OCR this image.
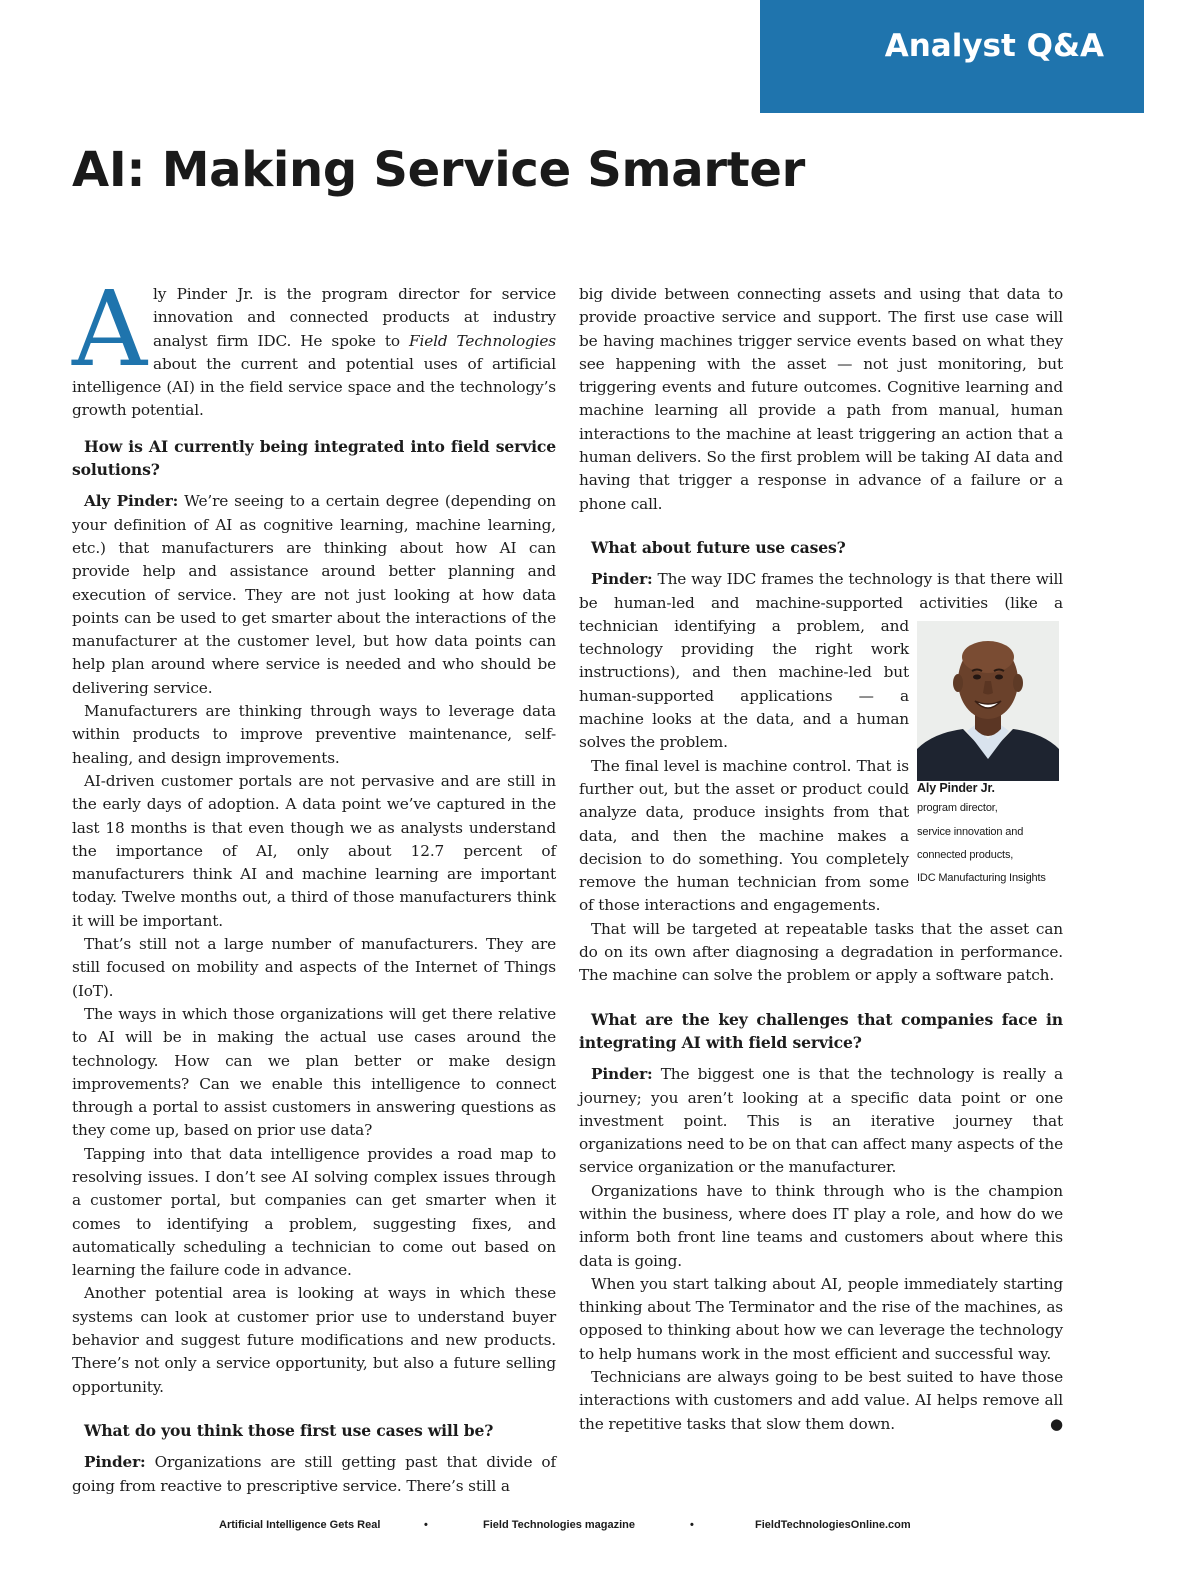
Analyst Q&A
AI: Making Service Smarter

Aly Pinder Jr. is the program director for service innovation and connected products at industry analyst firm IDC. He spoke to Field Technologies about the current and potential uses of artificial intelligence (AI) in the field service space and the technology’s growth potential.

How is AI currently being integrated into field service solutions?

Aly Pinder: We’re seeing to a certain degree (depending on your definition of AI as cognitive learning, machine learning, etc.) that manufacturers are thinking about how AI can provide help and assistance around better planning and execution of service. They are not just looking at how data points can be used to get smarter about the interactions of the manufacturer at the customer level, but how data points can help plan around where service is needed and who should be delivering service.

Manufacturers are thinking through ways to leverage data within products to improve preventive maintenance, self-healing, and design improvements.

AI-driven customer portals are not pervasive and are still in the early days of adoption. A data point we’ve captured in the last 18 months is that even though we as analysts understand the importance of AI, only about 12.7 percent of manufacturers think AI and machine learning are important today. Twelve months out, a third of those manufacturers think it will be important.

That’s still not a large number of manufacturers. They are still focused on mobility and aspects of the Internet of Things (IoT).

The ways in which those organizations will get there relative to AI will be in making the actual use cases around the technology. How can we plan better or make design improvements? Can we enable this intelligence to connect through a portal to assist customers in answering questions as they come up, based on prior use data?

Tapping into that data intelligence provides a road map to resolving issues. I don’t see AI solving complex issues through a customer portal, but companies can get smarter when it comes to identifying a problem, suggesting fixes, and automatically scheduling a technician to come out based on learning the failure code in advance.

Another potential area is looking at ways in which these systems can look at customer prior use to understand buyer behavior and suggest future modifications and new products. There’s not only a service opportunity, but also a future selling opportunity.

What do you think those first use cases will be?

Pinder: Organizations are still getting past that divide of going from reactive to prescriptive service. There’s still a

big divide between connecting assets and using that data to provide proactive service and support. The first use case will be having machines trigger service events based on what they see happening with the asset — not just monitoring, but triggering events and future outcomes. Cognitive learning and machine learning all provide a path from manual, human interactions to the machine at least triggering an action that a human delivers. So the first problem will be taking AI data and having that trigger a response in advance of a failure or a phone call.

What about future use cases?

Pinder: The way IDC frames the technology is that there will be human-led and machine-supported activities (like a
Aly Pinder Jr.
program director,
service innovation and
connected products,
IDC Manufacturing Insights
technician identifying a problem, and technology providing the right work instructions), and then machine-led but human-supported applications — a machine looks at the data, and a human solves the problem.

The final level is machine control. That is further out, but the asset or product could analyze data, produce insights from that data, and then the machine makes a decision to do something. You completely remove the human technician from some of those interactions and engagements.

That will be targeted at repeatable tasks that the asset can do on its own after diagnosing a degradation in performance. The machine can solve the problem or apply a software patch.

What are the key challenges that companies face in integrating AI with field service?

Pinder: The biggest one is that the technology is really a journey; you aren’t looking at a specific data point or one investment point. This is an iterative journey that organizations need to be on that can affect many aspects of the service organization or the manufacturer.

Organizations have to think through who is the champion within the business, where does IT play a role, and how do we inform both front line teams and customers about where this data is going.

When you start talking about AI, people immediately starting thinking about The Terminator and the rise of the machines, as opposed to thinking about how we can leverage the technology to help humans work in the most efficient and successful way.

Technicians are always going to be best suited to have those interactions with customers and add value. AI helps remove all the repetitive tasks that slow them down.	●

Artificial Intelligence Gets Real	•	Field Technologies magazine	•	FieldTechnologiesOnline.com
